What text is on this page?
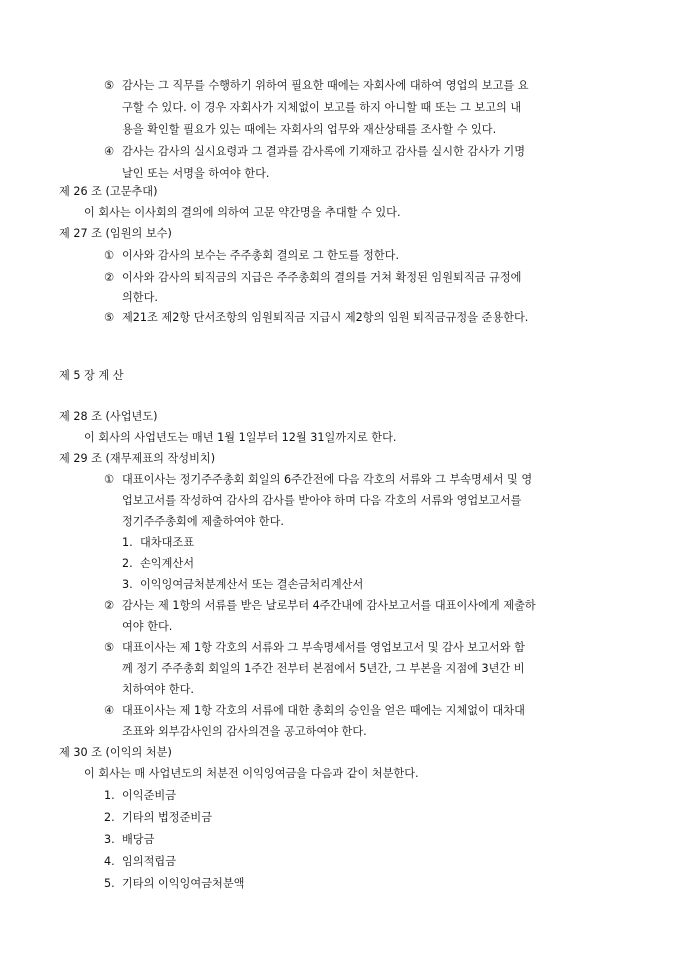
⑤ 감사는 그 직무를 수행하기 위하여 필요한 때에는 자회사에 대하여 영업의 보고를 요
구할 수 있다. 이 경우 자회사가 지체없이 보고를 하지 아니할 때 또는 그 보고의 내
용을 확인할 필요가 있는 때에는 자회사의 업무와 재산상태를 조사할 수 있다.
④ 감사는 감사의 실시요령과 그 결과를 감사록에 기재하고 감사를 실시한 감사가 기명
날인 또는 서명을 하여야 한다.
제 26 조 (고문추대)
이 회사는 이사회의 결의에 의하여 고문 약간명을 추대할 수 있다.
제 27 조 (임원의 보수)
① 이사와 감사의 보수는 주주총회 결의로 그 한도를 정한다.
② 이사와 감사의 퇴직금의 지급은 주주총회의 결의를 거쳐 확정된 임원퇴직금 규정에
의한다.
⑤ 제21조 제2항 단서조항의 임원퇴직금 지급시 제2항의 임원 퇴직금규정을 준용한다.
제 5 장 계 산
제 28 조 (사업년도)
이 회사의 사업년도는 매년 1월 1일부터 12월 31일까지로 한다.
제 29 조 (재무제표의 작성비치)
① 대표이사는 정기주주총회 회일의 6주간전에 다음 각호의 서류와 그 부속명세서 및 영
업보고서를 작성하여 감사의 감사를 받아야 하며 다음 각호의 서류와 영업보고서를
정기주주총회에 제출하여야 한다.
1. 대차대조표
2. 손익계산서
3. 이익잉여금처분계산서 또는 결손금처리계산서
② 감사는 제 1항의 서류를 받은 날로부터 4주간내에 감사보고서를 대표이사에게 제출하
여야 한다.
⑤ 대표이사는 제 1항 각호의 서류와 그 부속명세서를 영업보고서 및 감사 보고서와 함
께 정기 주주총회 회일의 1주간 전부터 본점에서 5년간, 그 부본을 지점에 3년간 비
치하여야 한다.
④ 대표이사는 제 1항 각호의 서류에 대한 총회의 승인을 얻은 때에는 지체없이 대차대
조표와 외부감사인의 감사의견을 공고하여야 한다.
제 30 조 (이익의 처분)
이 회사는 매 사업년도의 처분전 이익잉여금을 다음과 같이 처분한다.
1. 이익준비금
2. 기타의 법정준비금
3. 배당금
4. 임의적립금
5. 기타의 이익잉여금처분액
